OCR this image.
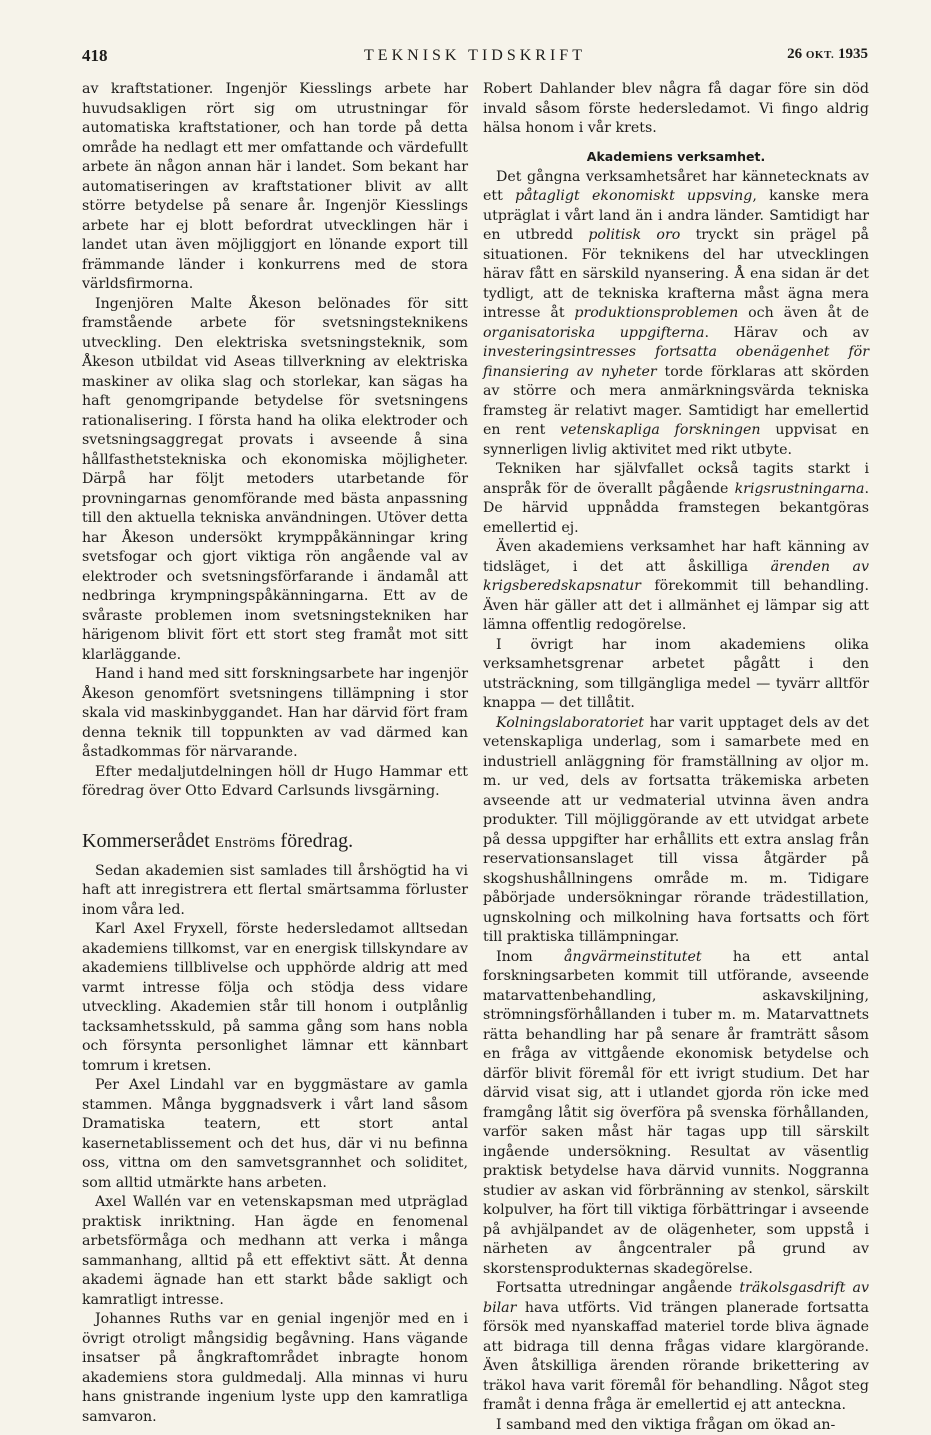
418	TEKNISK TIDSKRIFT	26 OKT. 1935

av kraftstationer. Ingenjör Kiesslings arbete har huvudsakligen rört sig om utrustningar för automatiska kraftstationer, och han torde på detta område ha nedlagt ett mer omfattande och värdefullt arbete än någon annan här i landet. Som bekant har automatiseringen av kraftstationer blivit av allt större betydelse på senare år. Ingenjör Kiesslings arbete har ej blott befordrat utvecklingen här i landet utan även möjliggjort en lönande export till främmande länder i konkurrens med de stora världsfirmorna.

Ingenjören Malte Åkeson belönades för sitt framstående arbete för svetsningsteknikens utveckling. Den elektriska svetsningsteknik, som Åkeson utbildat vid Aseas tillverkning av elektriska maskiner av olika slag och storlekar, kan sägas ha haft genomgripande betydelse för svetsningens rationalisering. I första hand ha olika elektroder och svetsningsaggregat provats i avseende å sina hållfasthetstekniska och ekonomiska möjligheter. Därpå har följt metoders utarbetande för provningarnas genomförande med bästa anpassning till den aktuella tekniska användningen. Utöver detta har Åkeson undersökt krymppåkänningar kring svetsfogar och gjort viktiga rön angående val av elektroder och svetsningsförfarande i ändamål att nedbringa krympningspåkänningarna. Ett av de svåraste problemen inom svetsningstekniken har härigenom blivit fört ett stort steg framåt mot sitt klarläggande.

Hand i hand med sitt forskningsarbete har ingenjör Åkeson genomfört svetsningens tillämpning i stor skala vid maskinbyggandet. Han har därvid fört fram denna teknik till toppunkten av vad därmed kan åstadkommas för närvarande.

Efter medaljutdelningen höll dr Hugo Hammar ett föredrag över Otto Edvard Carlsunds livsgärning.

Kommerserådet Enströms föredrag.

Sedan akademien sist samlades till årshögtid ha vi haft att inregistrera ett flertal smärtsamma förluster inom våra led.

Karl Axel Fryxell, förste hedersledamot alltsedan akademiens tillkomst, var en energisk tillskyndare av akademiens tillblivelse och upphörde aldrig att med varmt intresse följa och stödja dess vidare utveckling. Akademien står till honom i outplånlig tacksamhetsskuld, på samma gång som hans nobla och försynta personlighet lämnar ett kännbart tomrum i kretsen.

Per Axel Lindahl var en byggmästare av gamla stammen. Många byggnadsverk i vårt land såsom Dramatiska teatern, ett stort antal kasernetablissement och det hus, där vi nu befinna oss, vittna om den samvetsgrannhet och soliditet, som alltid utmärkte hans arbeten.

Axel Wallén var en vetenskapsman med utpräglad praktisk inriktning. Han ägde en fenomenal arbetsförmåga och medhann att verka i många sammanhang, alltid på ett effektivt sätt. Åt denna akademi ägnade han ett starkt både sakligt och kamratligt intresse.

Johannes Ruths var en genial ingenjör med en i övrigt otroligt mångsidig begåvning. Hans vägande insatser på ångkraftområdet inbragte honom akademiens stora guldmedalj. Alla minnas vi huru hans gnistrande ingenium lyste upp den kamratliga samvaron.

Robert Dahlander blev några få dagar före sin död invald såsom förste hedersledamot. Vi fingo aldrig hälsa honom i vår krets.

Akademiens verksamhet.

Det gångna verksamhetsåret har kännetecknats av ett påtagligt ekonomiskt uppsving, kanske mera utpräglat i vårt land än i andra länder. Samtidigt har en utbredd politisk oro tryckt sin prägel på situationen. För teknikens del har utvecklingen härav fått en särskild nyansering. Å ena sidan är det tydligt, att de tekniska krafterna måst ägna mera intresse åt produktionsproblemen och även åt de organisatoriska uppgifterna. Härav och av investeringsintresses fortsatta obenägenhet för finansiering av nyheter torde förklaras att skörden av större och mera anmärkningsvärda tekniska framsteg är relativt mager. Samtidigt har emellertid en rent vetenskapliga forskningen uppvisat en synnerligen livlig aktivitet med rikt utbyte.

Tekniken har självfallet också tagits starkt i anspråk för de överallt pågående krigsrustningarna. De härvid uppnådda framstegen bekantgöras emellertid ej.

Även akademiens verksamhet har haft känning av tidsläget, i det att åskilliga ärenden av krigsberedskapsnatur förekommit till behandling. Även här gäller att det i allmänhet ej lämpar sig att lämna offentlig redogörelse.

I övrigt har inom akademiens olika verksamhetsgrenar arbetet pågått i den utsträckning, som tillgängliga medel — tyvärr alltför knappa — det tillåtit.

Kolningslaboratoriet har varit upptaget dels av det vetenskapliga underlag, som i samarbete med en industriell anläggning för framställning av oljor m. m. ur ved, dels av fortsatta träkemiska arbeten avseende att ur vedmaterial utvinna även andra produkter. Till möjliggörande av ett utvidgat arbete på dessa uppgifter har erhållits ett extra anslag från reservationsanslaget till vissa åtgärder på skogshushållningens område m. m. Tidigare påbörjade undersökningar rörande trädestillation, ugnskolning och milkolning hava fortsatts och fört till praktiska tillämpningar.

Inom ångvärmeinstitutet ha ett antal forskningsarbeten kommit till utförande, avseende matarvattenbehandling, askavskiljning, strömningsförhållanden i tuber m. m. Matarvattnets rätta behandling har på senare år framträtt såsom en fråga av vittgående ekonomisk betydelse och därför blivit föremål för ett ivrigt studium. Det har därvid visat sig, att i utlandet gjorda rön icke med framgång låtit sig överföra på svenska förhållanden, varför saken måst här tagas upp till särskilt ingående undersökning. Resultat av väsentlig praktisk betydelse hava därvid vunnits. Noggranna studier av askan vid förbränning av stenkol, särskilt kolpulver, ha fört till viktiga förbättringar i avseende på avhjälpandet av de olägenheter, som uppstå i närheten av ångcentraler på grund av skorstensprodukternas skadegörelse.

Fortsatta utredningar angående träkolsgasdrift av bilar hava utförts. Vid trängen planerade fortsatta försök med nyanskaffad materiel torde bliva ägnade att bidraga till denna frågas vidare klargörande. Även åtskilliga ärenden rörande brikettering av träkol hava varit föremål för behandling. Något steg framåt i denna fråga är emellertid ej att anteckna.

I samband med den viktiga frågan om ökad an-
